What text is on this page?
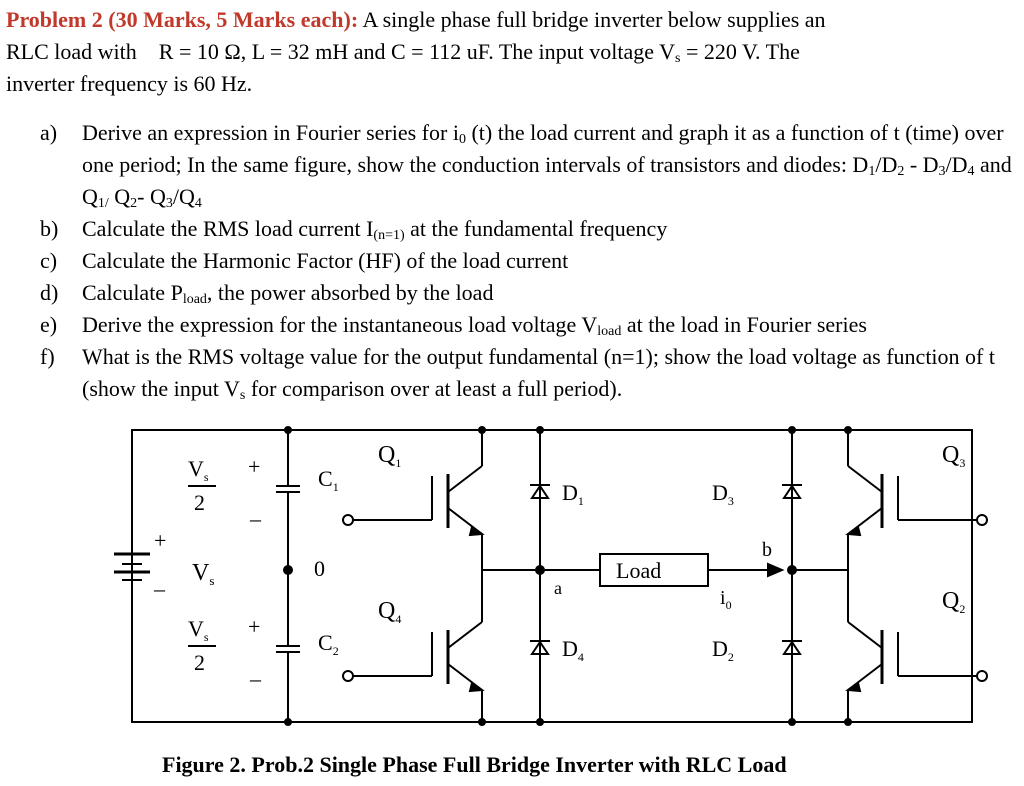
Problem 2 (30 Marks, 5 Marks each): A single phase full bridge inverter below supplies an
RLC load with R = 10 Ω, L = 32 mH and C = 112 uF. The input voltage $V_s = 220$ V. The
inverter frequency is 60 Hz.

a) Derive an expression in Fourier series for $i_0$ (t) the load current and graph it as a function of t (time) over one period; In the same figure, show the conduction intervals of transistors and diodes: $D_1/D_2 - D_3/D_4$ and $Q_{1/}$ $Q_2-$ $Q_3/Q_4$
b) Calculate the RMS load current $I_{(n=1)}$ at the fundamental frequency
c) Calculate the Harmonic Factor (HF) of the load current
d) Calculate $P_{load}$, the power absorbed by the load
e) Derive the expression for the instantaneous load voltage $V_{load}$ at the load in Fourier series
f) What is the RMS voltage value for the output fundamental (n=1); show the load voltage as function of t (show the input $V_s$ for comparison over at least a full period).
+
–
$V_s$
$V_s$
2
+
–
$V_s$
2
+
–
0
$C_1$
$C_2$
$Q_1$
$Q_4$
$D_1$
$D_4$
a
Load
$i_0$
b
$D_3$
$D_2$
$Q_3$
$Q_2$

Figure 2. Prob.2 Single Phase Full Bridge Inverter with RLC Load
